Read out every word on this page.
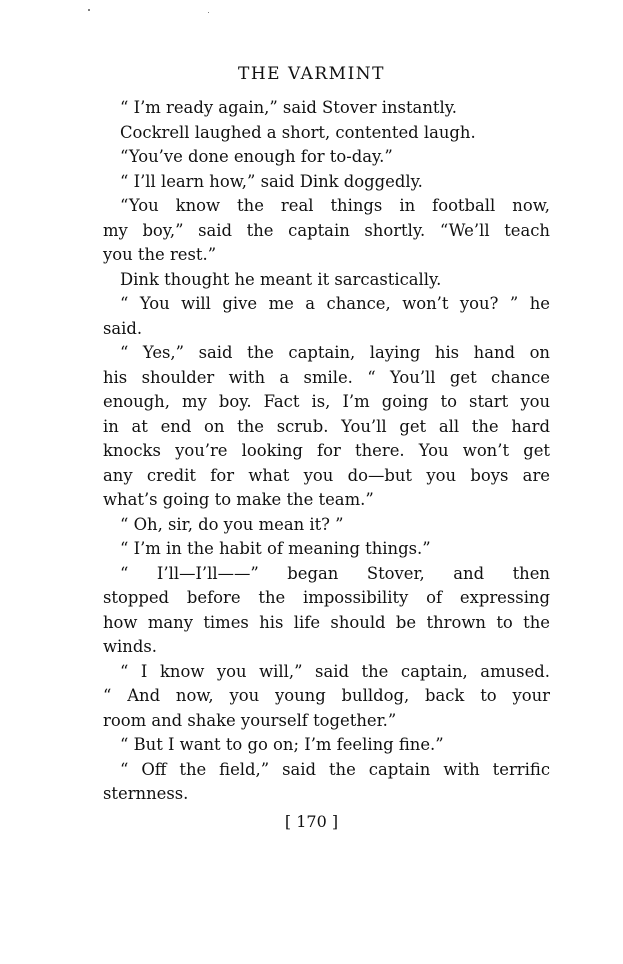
THE VARMINT
“ I’m ready again,” said Stover instantly.
Cockrell laughed a short, contented laugh.
“You’ve done enough for to-day.”
“ I’ll learn how,” said Dink doggedly.
“You know the real things in football now,
my boy,” said the captain shortly. “We’ll teach
you the rest.”
Dink thought he meant it sarcastically.
“ You will give me a chance, won’t you? ” he
said.
“ Yes,” said the captain, laying his hand on
his shoulder with a smile. “ You’ll get chance
enough, my boy. Fact is, I’m going to start you
in at end on the scrub. You’ll get all the hard
knocks you’re looking for there. You won’t get
any credit for what you do—but you boys are
what’s going to make the team.”
“ Oh, sir, do you mean it? ”
“ I’m in the habit of meaning things.”
“ I’ll—I’ll——” began Stover, and then
stopped before the impossibility of expressing
how many times his life should be thrown to the
winds.
“ I know you will,” said the captain, amused.
“ And now, you young bulldog, back to your
room and shake yourself together.”
“ But I want to go on; I’m feeling fine.”
“ Off the field,” said the captain with terrific
sternness.
[ 170 ]
